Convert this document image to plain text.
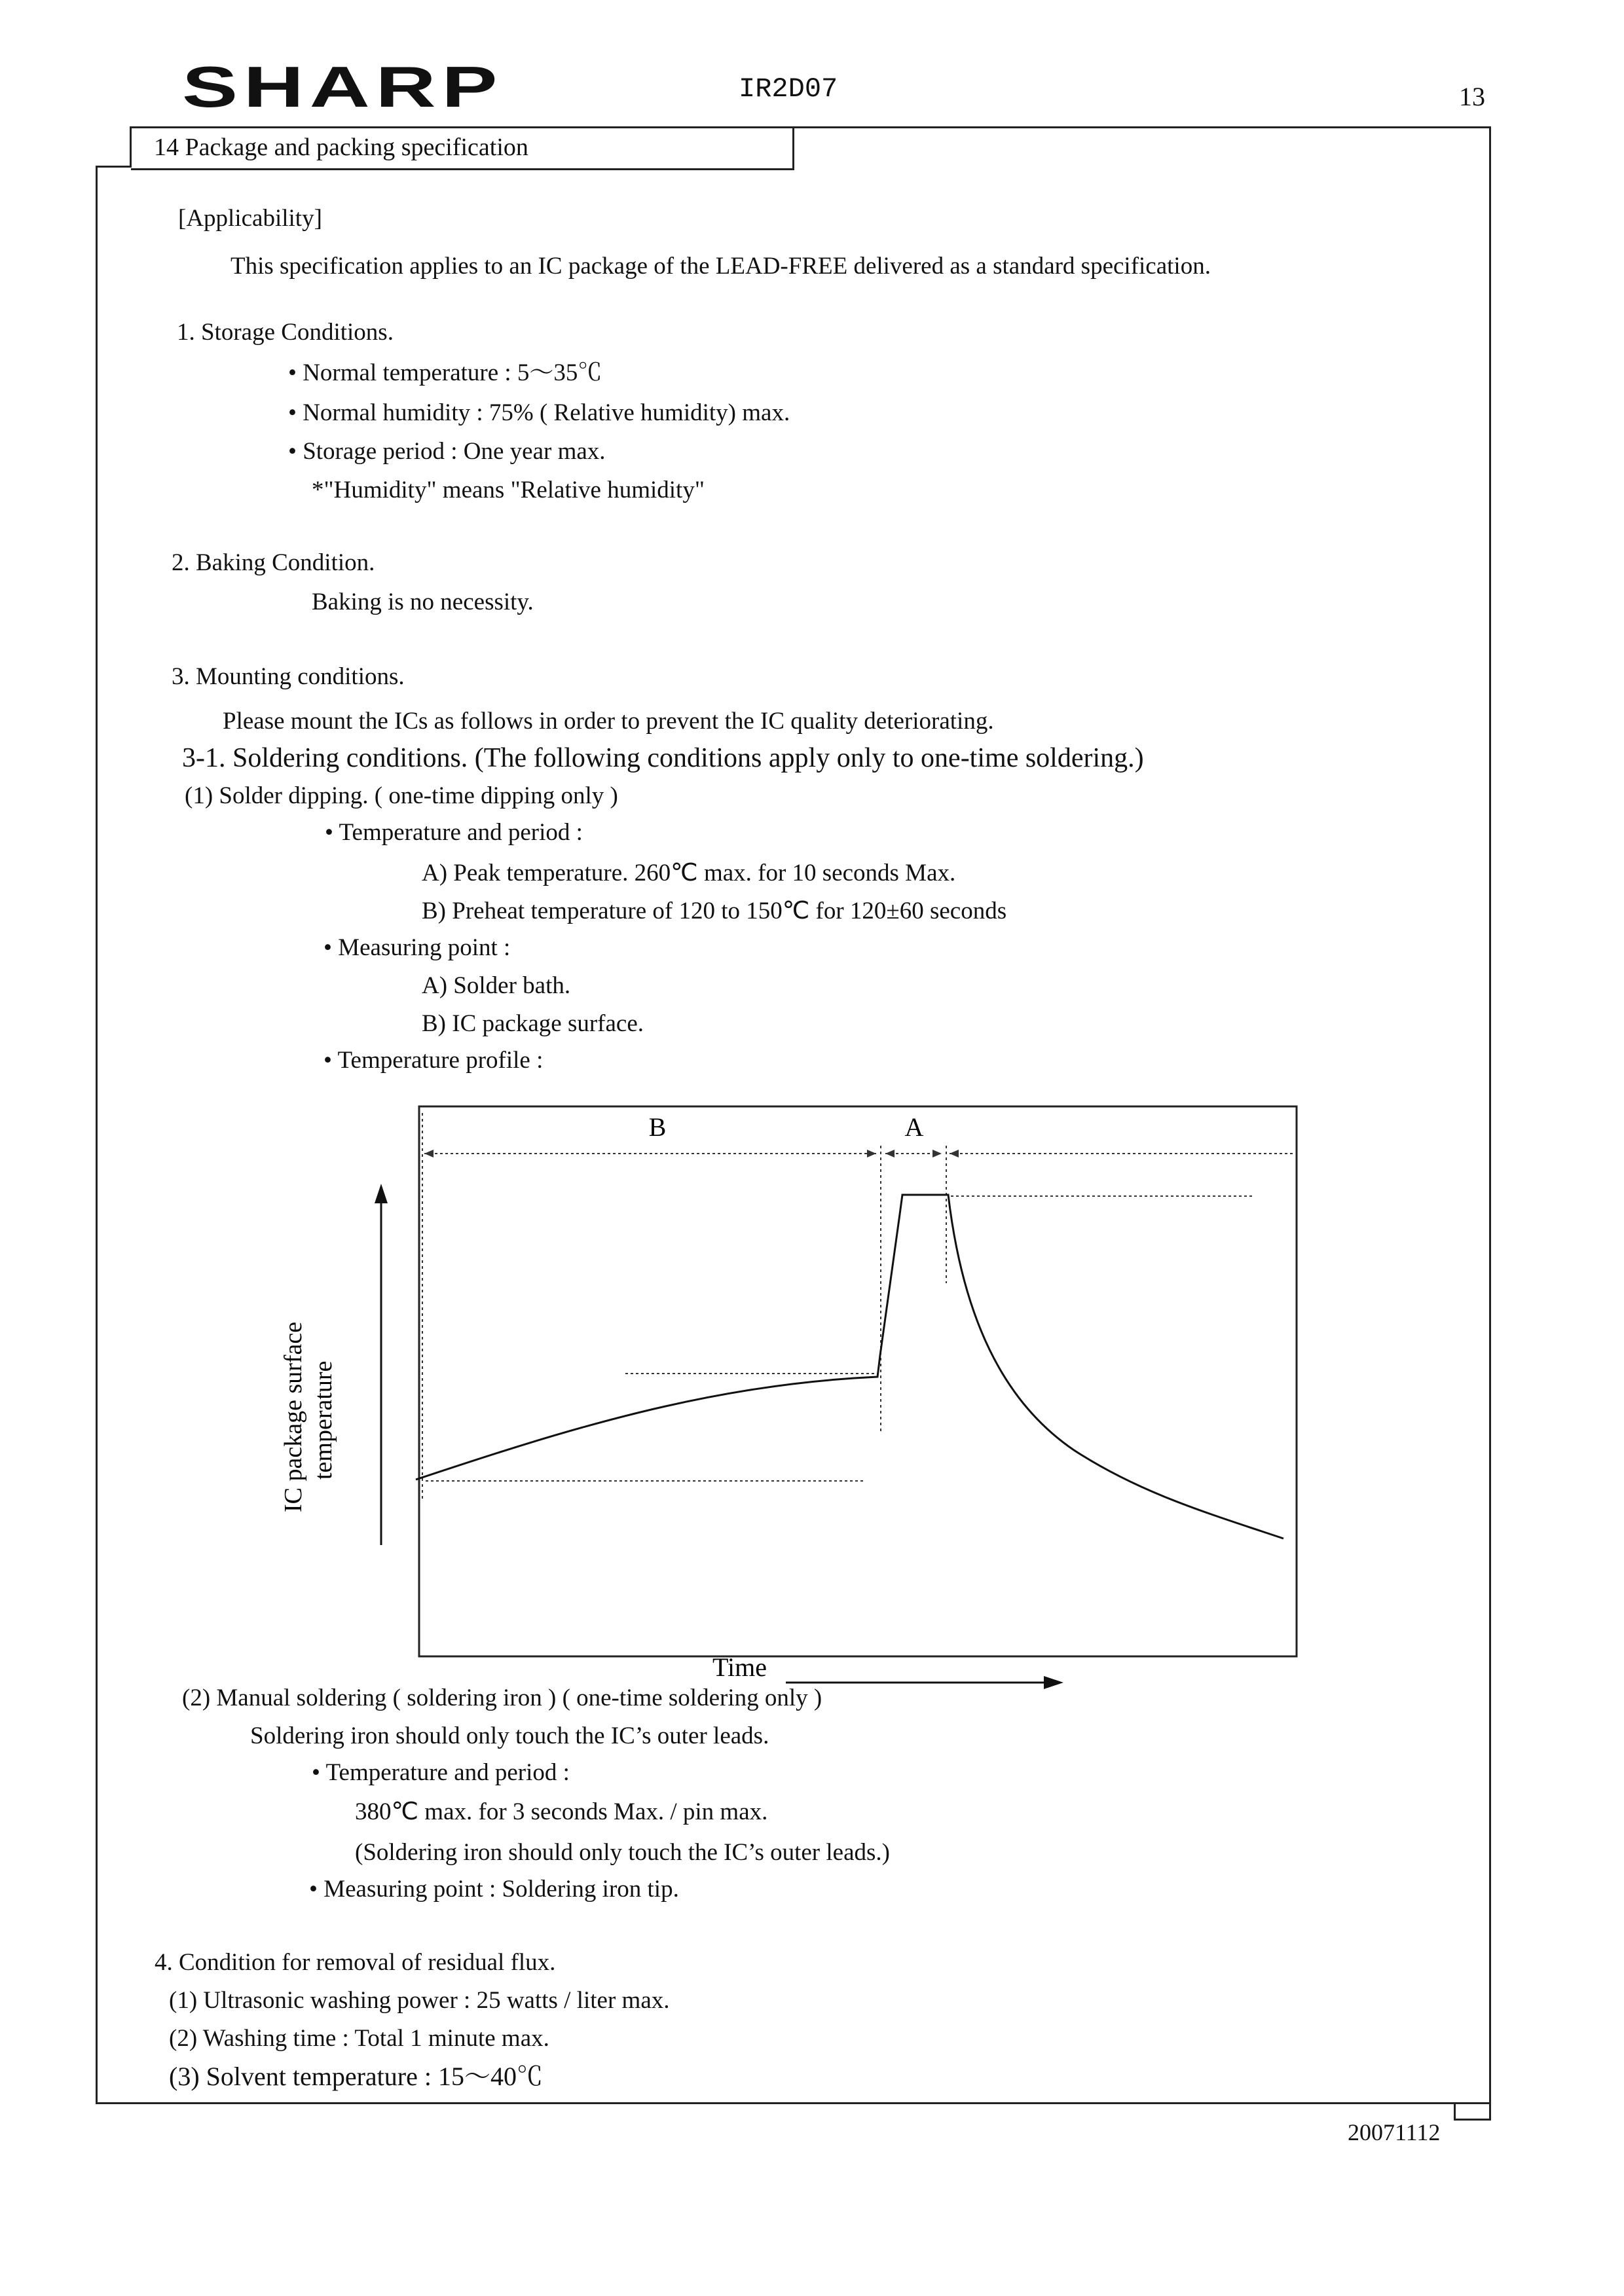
SHARP	IR2D07	13
14 Package and packing specification
[Applicability]
This specification applies to an IC package of the LEAD-FREE delivered as a standard specification.
1. Storage Conditions.
• Normal temperature : 5〜35℃
• Normal humidity : 75% ( Relative humidity) max.
• Storage period : One year max.
*"Humidity" means "Relative humidity"
2. Baking Condition.
Baking is no necessity.
3. Mounting conditions.
Please mount the ICs as follows in order to prevent the IC quality deteriorating.
3-1. Soldering conditions. (The following conditions apply only to one-time soldering.)
(1) Solder dipping. ( one-time dipping only )
• Temperature and period :
A) Peak temperature. 260℃ max. for 10 seconds Max.
B) Preheat temperature of 120 to 150℃ for 120±60 seconds
• Measuring point :
A) Solder bath.
B) IC package surface.
• Temperature profile :
B	A
IC package surface temperature
Time
(2) Manual soldering ( soldering iron ) ( one-time soldering only )
Soldering iron should only touch the IC’s outer leads.
• Temperature and period :
380℃ max. for 3 seconds Max. / pin max.
(Soldering iron should only touch the IC’s outer leads.)
• Measuring point : Soldering iron tip.
4. Condition for removal of residual flux.
(1) Ultrasonic washing power : 25 watts / liter max.
(2) Washing time : Total 1 minute max.
(3) Solvent temperature : 15〜40℃
20071112
